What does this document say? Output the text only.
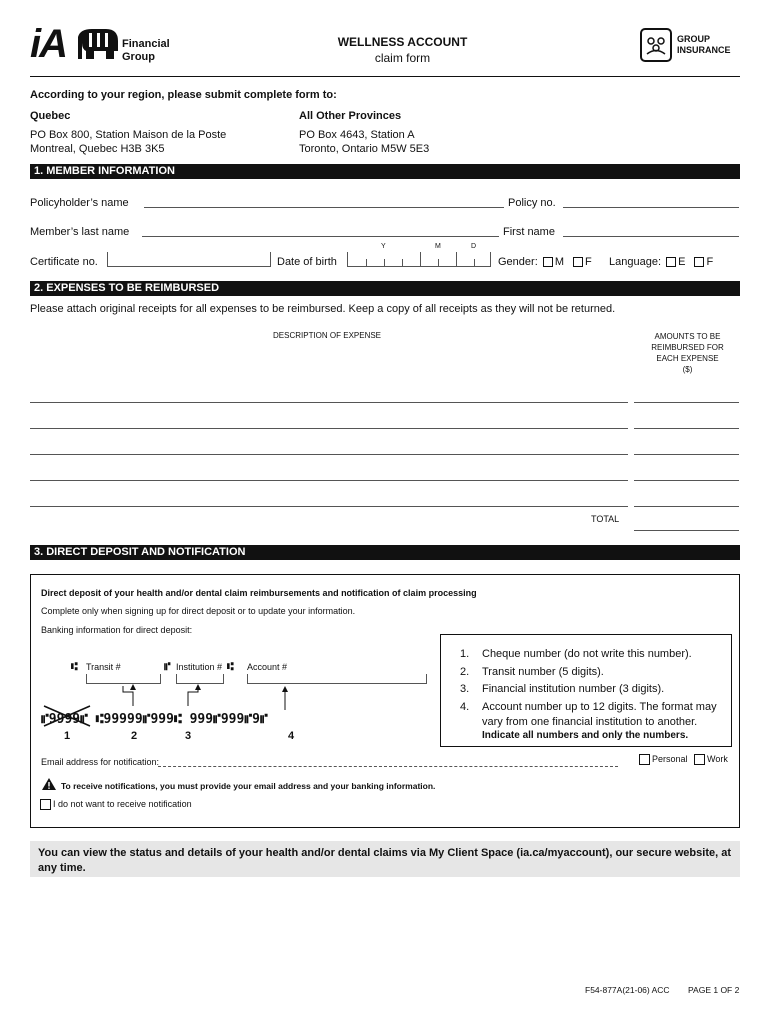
iA	Financial
Group
WELLNESS ACCOUNT
claim form
GROUP
INSURANCE
According to your region, please submit complete form to:
Quebec
PO Box 800, Station Maison de la Poste
Montreal, Quebec H3B 3K5
All Other Provinces
PO Box 4643, Station A
Toronto, Ontario M5W 5E3
1. MEMBER INFORMATION
Policyholder’s name	Policy no.
Member’s last name	First name
Y	M	D
Certificate no.	Date of birth	Gender: M F Language: E F
2. EXPENSES TO BE REIMBURSED
Please attach original receipts for all expenses to be reimbursed. Keep a copy of all receipts as they will not be returned.
DESCRIPTION OF EXPENSE	AMOUNTS TO BE
REIMBURSED FOR
EACH EXPENSE
($)
TOTAL
3. DIRECT DEPOSIT AND NOTIFICATION
Direct deposit of your health and/or dental claim reimbursements and notification of claim processing
Complete only when signing up for direct deposit or to update your information.
Banking information for direct deposit:
⑆ Transit #	⑈ Institution # ⑆ Account #
⑈9999⑈ ⑆99999⑈999⑆ 999⑈999⑈9⑈
1	2	3	4
1.	Cheque number (do not write this number).
2.	Transit number (5 digits).
3.	Financial institution number (3 digits).
4.	Account number up to 12 digits. The format may
vary from one financial institution to another.
Indicate all numbers and only the numbers.
Email address for notification:	Personal	Work
To receive notifications, you must provide your email address and your banking information.
I do not want to receive notification
You can view the status and details of your health and/or dental claims via My Client Space (ia.ca/myaccount), our secure website, at any time.
F54-877A(21-06) ACC PAGE 1 OF 2
